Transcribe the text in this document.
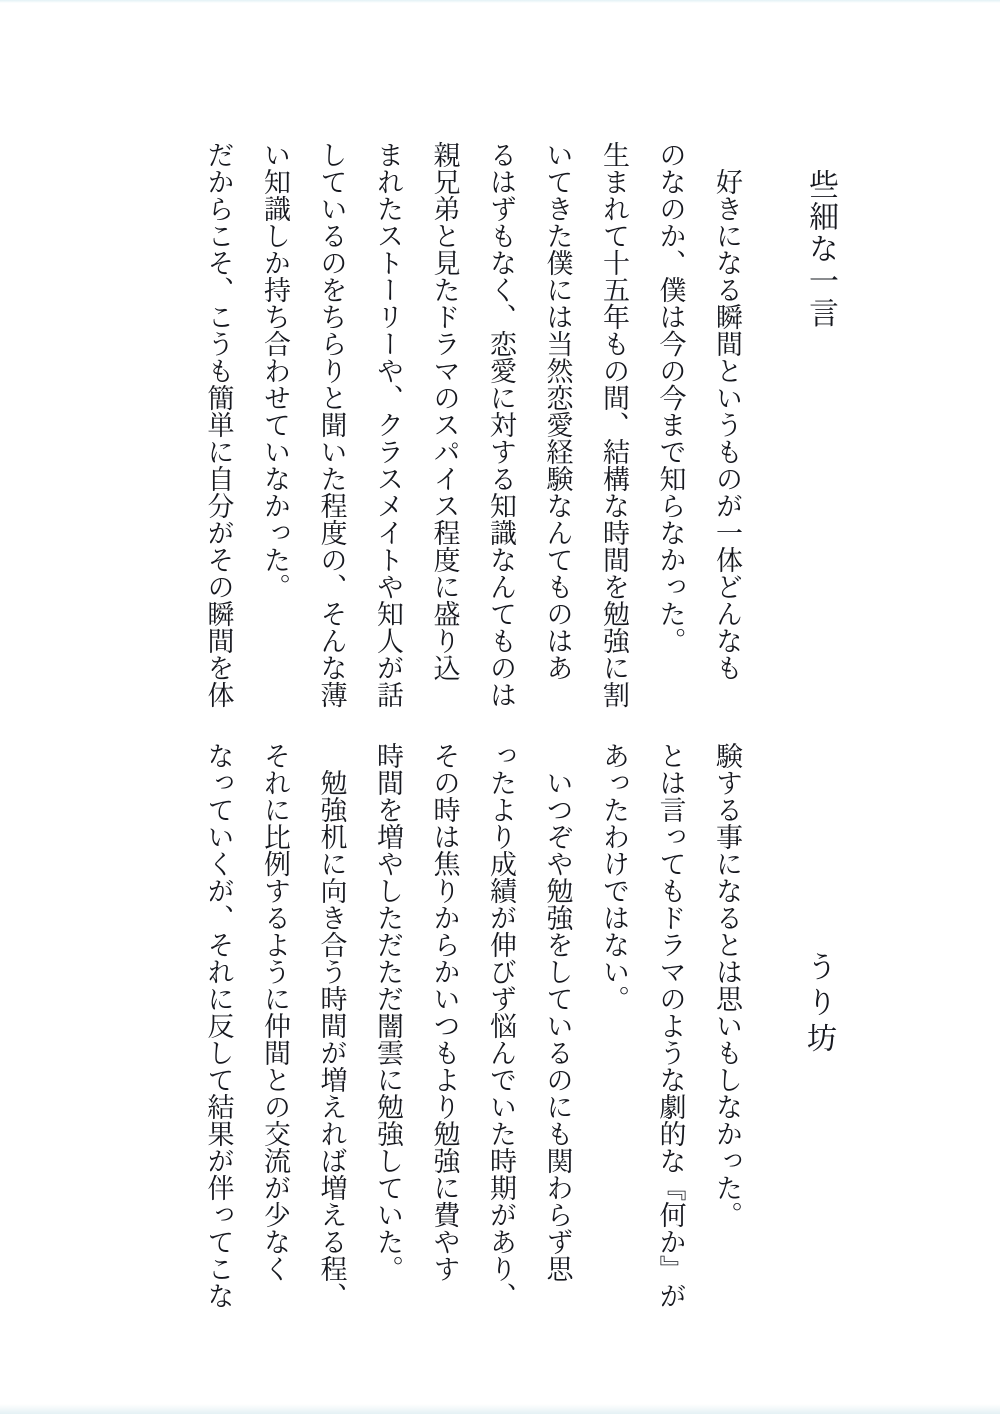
些細な一言
うり坊
好きになる瞬間というものが一体どんなも
のなのか、僕は今の今まで知らなかった。
生まれて十五年もの間、結構な時間を勉強に割
いてきた僕には当然恋愛経験なんてものはあ
るはずもなく、恋愛に対する知識なんてものは
親兄弟と見たドラマのスパイス程度に盛り込
まれたストーリーや、クラスメイトや知人が話
しているのをちらりと聞いた程度の、そんな薄
い知識しか持ち合わせていなかった。
だからこそ、こうも簡単に自分がその瞬間を体
験する事になるとは思いもしなかった。
とは言ってもドラマのような劇的な『何か』が
あったわけではない。
いつぞや勉強をしているのにも関わらず思
ったより成績が伸びず悩んでいた時期があり、
その時は焦りからかいつもより勉強に費やす
時間を増やしただただ闇雲に勉強していた。
勉強机に向き合う時間が増えれば増える程、
それに比例するように仲間との交流が少なく
なっていくが、それに反して結果が伴ってこな
